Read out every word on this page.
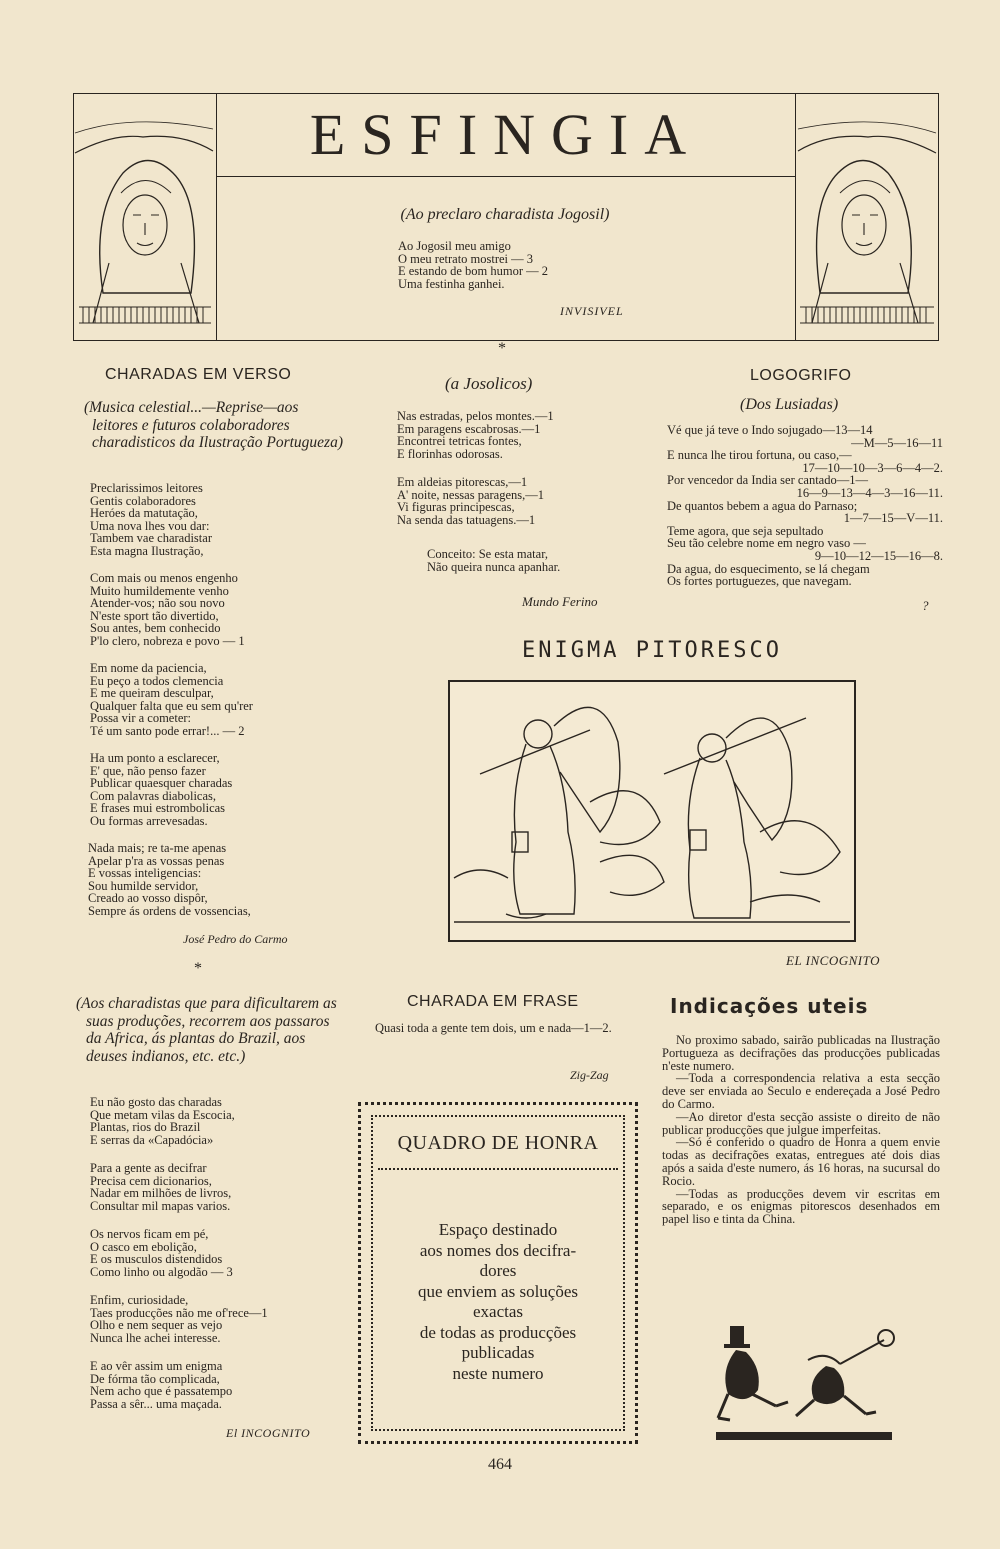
ESFINGIA
(Ao preclaro charadista Jogosil)
Ao Jogosil meu amigo
O meu retrato mostrei — 3
E estando de bom humor — 2
Uma festinha ganhei.
INVISIVEL
*
CHARADAS EM VERSO
(Musica celestial...—Reprise—aos leitores e futuros colaboradores charadisticos da Ilustração Portugueza)
Preclarissimos leitores
Gentis colaboradores
Heróes da matutação,
Uma nova lhes vou dar:
Tambem vae charadistar
Esta magna Ilustração,
Com mais ou menos engenho
Muito humildemente venho
Atender-vos; não sou novo
N'este sport tão divertido,
Sou antes, bem conhecido
P'lo clero, nobreza e povo — 1
Em nome da paciencia,
Eu peço a todos clemencia
E me queiram desculpar,
Qualquer falta que eu sem qu'rer
Possa vir a cometer:
Té um santo pode errar!... — 2
Ha um ponto a esclarecer,
E' que, não penso fazer
Publicar quaesquer charadas
Com palavras diabolicas,
E frases mui estrombolicas
Ou formas arrevesadas.
Nada mais; re ta-me apenas
Apelar p'ra as vossas penas
E vossas inteligencias:
Sou humilde servidor,
Creado ao vosso dispôr,
Sempre ás ordens de vossencias,
José Pedro do Carmo
*
(a Josolicos)
Nas estradas, pelos montes.—1
Em paragens escabrosas.—1
Encontrei tetricas fontes,
E florinhas odorosas.
Em aldeias pitorescas,—1
A' noite, nessas paragens,—1
Vi figuras principescas,
Na senda das tatuagens.—1
Conceito: Se esta matar,
Não queira nunca apanhar.
Mundo Ferino
LOGOGRIFO
(Dos Lusiadas)
Vé que já teve o Indo sojugado—13—14
—M—5—16—11
E nunca lhe tirou fortuna, ou caso,—
17—10—10—3—6—4—2.
Por vencedor da India ser cantado—1—
16—9—13—4—3—16—11.
De quantos bebem a agua do Parnaso;
1—7—15—V—11.
Teme agora, que seja sepultado
Seu tão celebre nome em negro vaso —
9—10—12—15—16—8.
Da agua, do esquecimento, se lá chegam
Os fortes portuguezes, que navegam.
?
ENIGMA PITORESCO
EL INCOGNITO
(Aos charadistas que para dificultarem as suas produções, recorrem aos passaros da Africa, ás plantas do Brazil, aos deuses indianos, etc. etc.)
Eu não gosto das charadas
Que metam vilas da Escocia,
Plantas, rios do Brazil
E serras da «Capadócia»
Para a gente as decifrar
Precisa cem dicionarios,
Nadar em milhões de livros,
Consultar mil mapas varios.
Os nervos ficam em pé,
O casco em ebolição,
E os musculos distendidos
Como linho ou algodão — 3
Enfim, curiosidade,
Taes producções não me of'rece—1
Olho e nem sequer as vejo
Nunca lhe achei interesse.
E ao vêr assim um enigma
De fórma tão complicada,
Nem acho que é passatempo
Passa a sêr... uma maçada.
El INCOGNITO
CHARADA EM FRASE
Quasi toda a gente tem dois, um e nada—1—2.
Zig-Zag
QUADRO DE HONRA
Espaço destinado
aos nomes dos decifra-
dores
que enviem as soluções
exactas
de todas as producções
publicadas
neste numero
Indicações uteis

No proximo sabado, sairão publicadas na Ilustração Portugueza as decifrações das producções publicadas n'este numero.

—Toda a correspondencia relativa a esta secção deve ser enviada ao Seculo e endereçada a José Pedro do Carmo.

—Ao diretor d'esta secção assiste o direito de não publicar producções que julgue imperfeitas.

—Só é conferido o quadro de Honra a quem envie todas as decifrações exatas, entregues até dois dias após a saida d'este numero, ás 16 horas, na sucursal do Rocio.

—Todas as producções devem vir escritas em separado, e os enigmas pitorescos desenhados em papel liso e tinta da China.

464
